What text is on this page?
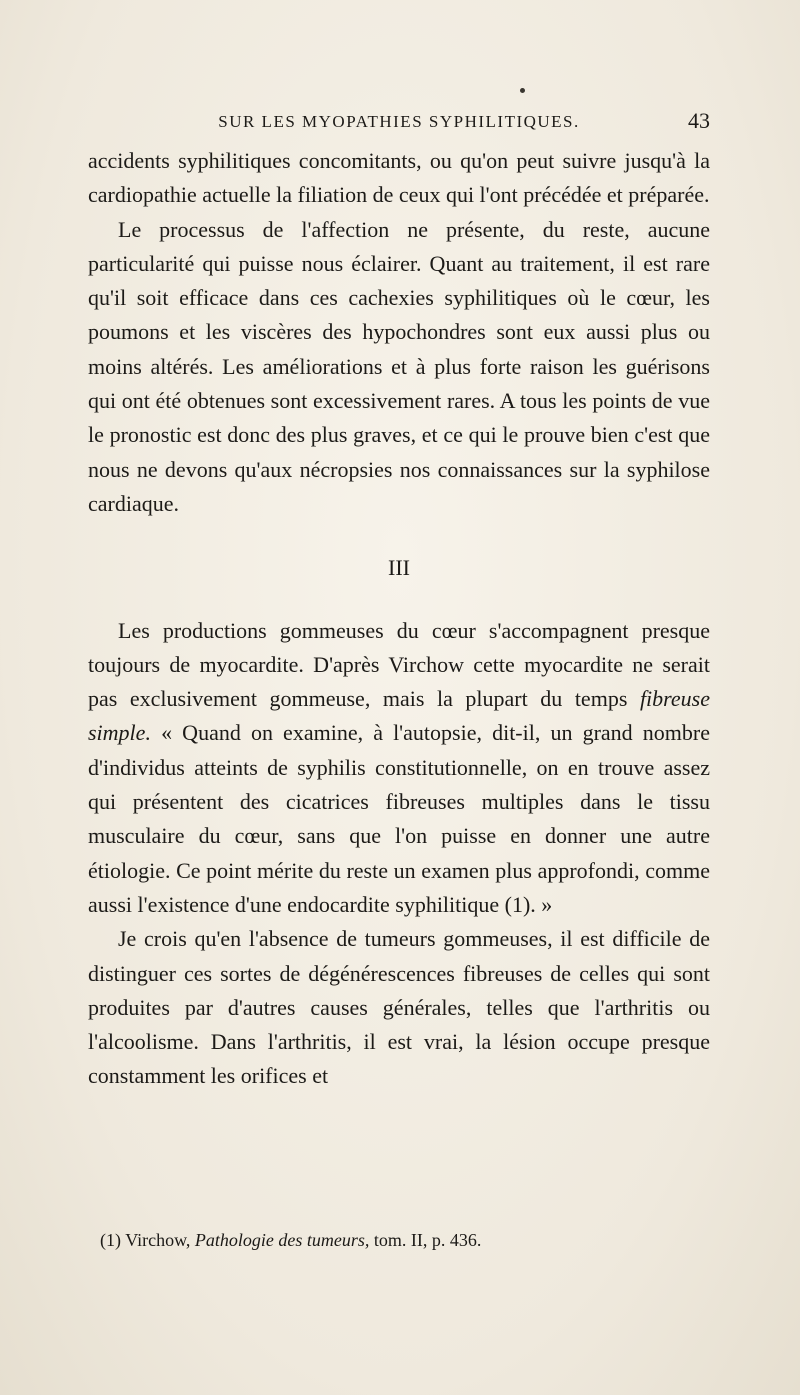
SUR LES MYOPATHIES SYPHILITIQUES.	43

accidents syphilitiques concomitants, ou qu'on peut suivre jusqu'à la cardiopathie actuelle la filiation de ceux qui l'ont précédée et préparée.

Le processus de l'affection ne présente, du reste, aucune particularité qui puisse nous éclairer. Quant au traitement, il est rare qu'il soit efficace dans ces cachexies syphilitiques où le cœur, les poumons et les viscères des hypochondres sont eux aussi plus ou moins altérés. Les améliorations et à plus forte raison les guérisons qui ont été obtenues sont excessivement rares. A tous les points de vue le pronostic est donc des plus graves, et ce qui le prouve bien c'est que nous ne devons qu'aux nécropsies nos connaissances sur la syphilose cardiaque.

III

Les productions gommeuses du cœur s'accompagnent presque toujours de myocardite. D'après Virchow cette myocardite ne serait pas exclusivement gommeuse, mais la plupart du temps fibreuse simple. « Quand on examine, à l'autopsie, dit-il, un grand nombre d'individus atteints de syphilis constitutionnelle, on en trouve assez qui présentent des cicatrices fibreuses multiples dans le tissu musculaire du cœur, sans que l'on puisse en donner une autre étiologie. Ce point mérite du reste un examen plus approfondi, comme aussi l'existence d'une endocardite syphilitique (1). »

Je crois qu'en l'absence de tumeurs gommeuses, il est difficile de distinguer ces sortes de dégénérescences fibreuses de celles qui sont produites par d'autres causes générales, telles que l'arthritis ou l'alcoolisme. Dans l'arthritis, il est vrai, la lésion occupe presque constamment les orifices et

(1) Virchow, Pathologie des tumeurs, tom. II, p. 436.
